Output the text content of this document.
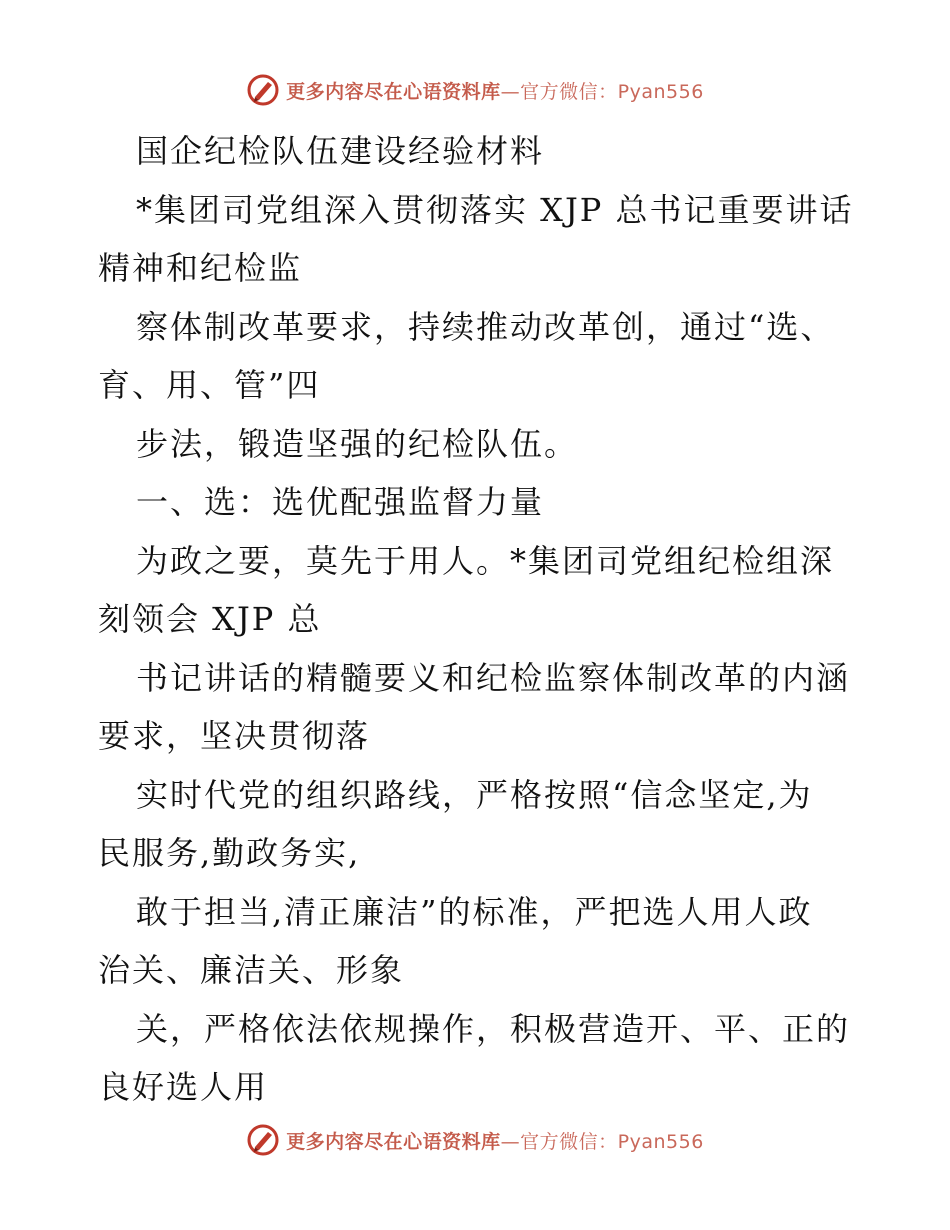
更多内容尽在心语资料库—官方微信：Pyan556
国企纪检队伍建设经验材料
*集团司党组深入贯彻落实 XJP 总书记重要讲话
精神和纪检监
察体制改革要求，持续推动改革创，通过“选、
育、用、管”四
步法，锻造坚强的纪检队伍。
一、选：选优配强监督力量
为政之要，莫先于用人。*集团司党组纪检组深
刻领会 XJP 总
书记讲话的精髓要义和纪检监察体制改革的内涵
要求，坚决贯彻落
实时代党的组织路线，严格按照“信念坚定,为
民服务,勤政务实,
敢于担当,清正廉洁”的标准，严把选人用人政
治关、廉洁关、形象
关，严格依法依规操作，积极营造开、平、正的
良好选人用
更多内容尽在心语资料库—官方微信：Pyan556
